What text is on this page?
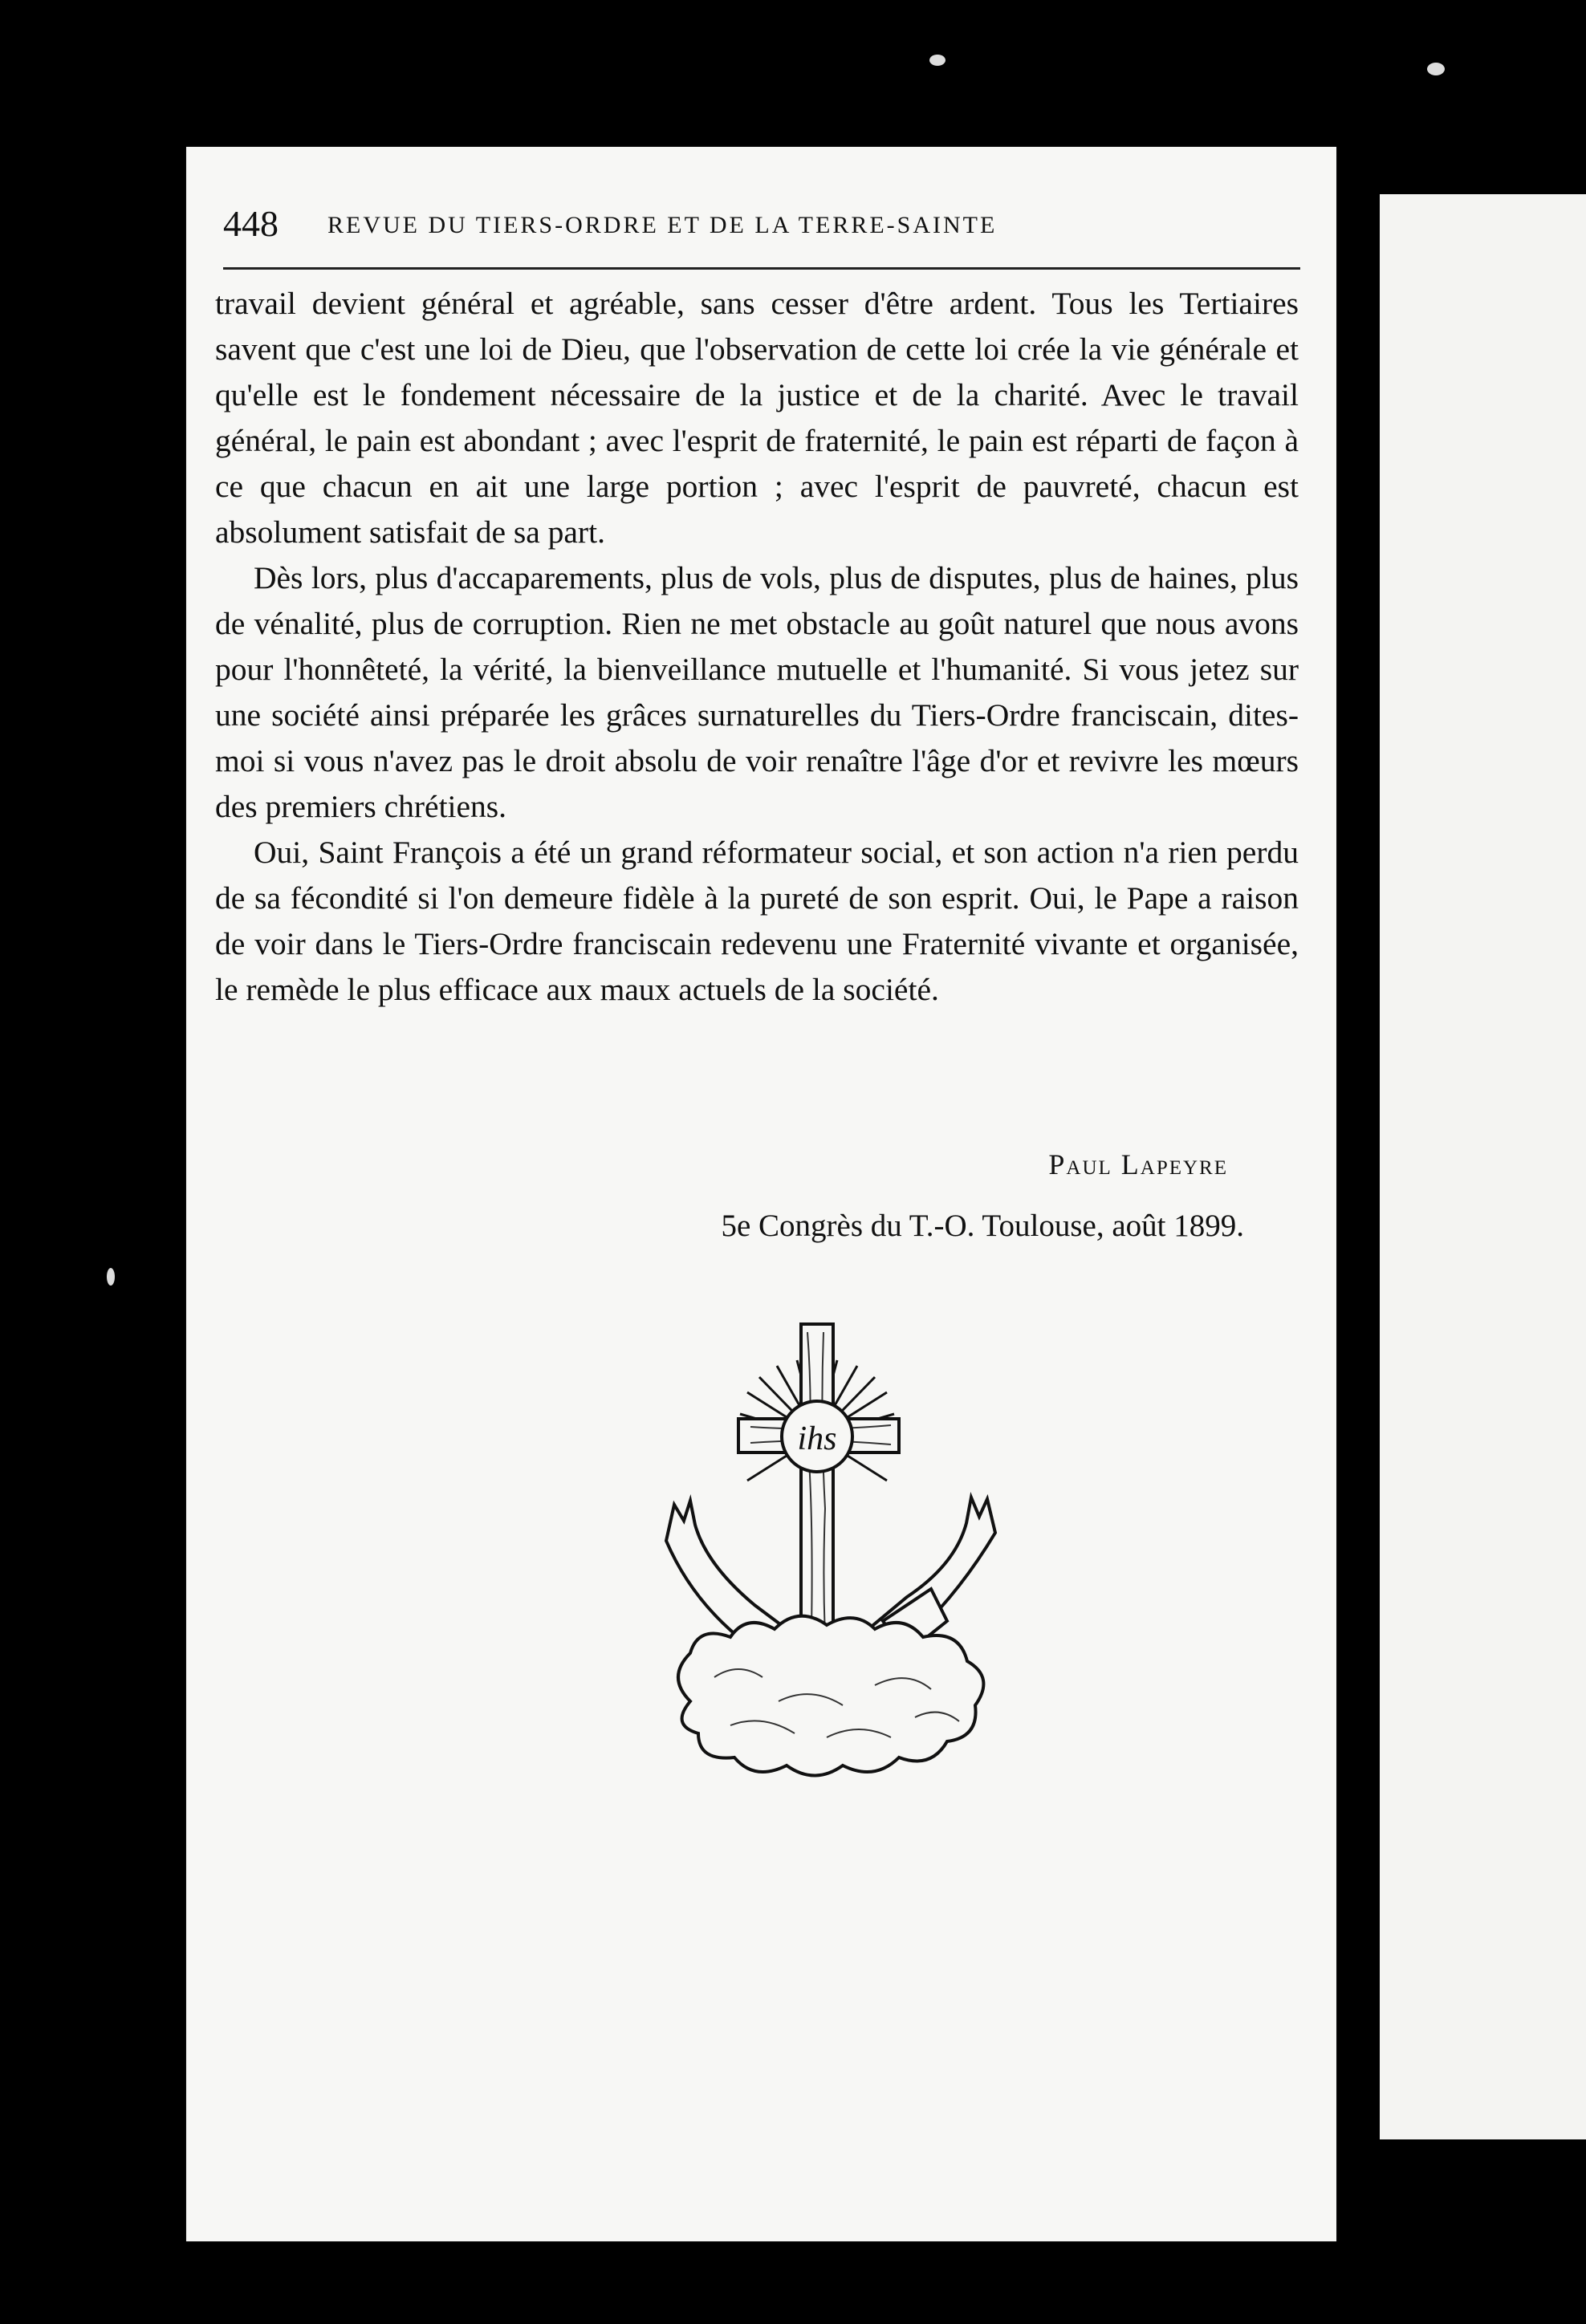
448 REVUE DU TIERS-ORDRE ET DE LA TERRE-SAINTE

travail devient général et agréable, sans cesser d'être ardent. Tous les Tertiaires savent que c'est une loi de Dieu, que l'observation de cette loi crée la vie générale et qu'elle est le fondement nécessaire de la justice et de la charité. Avec le travail général, le pain est abondant ; avec l'esprit de fraternité, le pain est réparti de façon à ce que chacun en ait une large portion ; avec l'esprit de pauvreté, chacun est absolument satisfait de sa part.

Dès lors, plus d'accaparements, plus de vols, plus de disputes, plus de haines, plus de vénalité, plus de corruption. Rien ne met obstacle au goût naturel que nous avons pour l'honnêteté, la vérité, la bienveillance mutuelle et l'humanité. Si vous jetez sur une société ainsi préparée les grâces surnaturelles du Tiers-Ordre franciscain, dites-moi si vous n'avez pas le droit absolu de voir renaître l'âge d'or et revivre les mœurs des premiers chrétiens.

Oui, Saint François a été un grand réformateur social, et son action n'a rien perdu de sa fécondité si l'on demeure fidèle à la pureté de son esprit. Oui, le Pape a raison de voir dans le Tiers-Ordre franciscain redevenu une Fraternité vivante et organisée, le remède le plus efficace aux maux actuels de la société.

Paul Lapeyre
5e Congrès du T.-O. Toulouse, août 1899.
ihs
